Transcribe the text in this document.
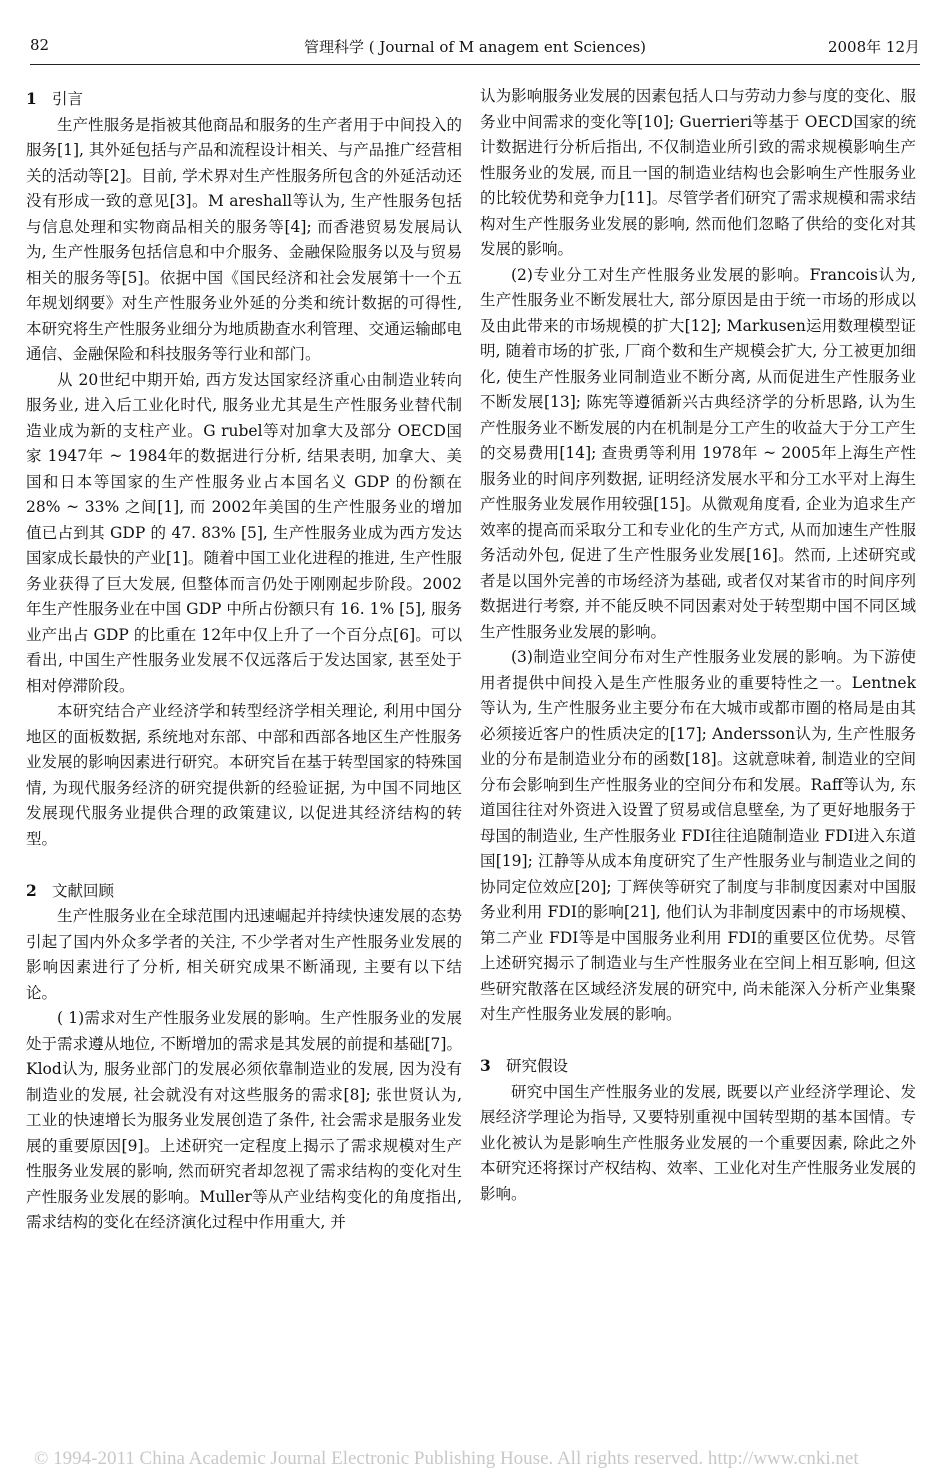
82	管理科学 ( Journal of M anagem ent Sciences)	2008年 12月
1 引言

生产性服务是指被其他商品和服务的生产者用于中间投入的服务[1], 其外延包括与产品和流程设计相关、与产品推广经营相关的活动等[2]。目前, 学术界对生产性服务所包含的外延活动还没有形成一致的意见[3]。M areshall等认为, 生产性服务包括与信息处理和实物商品相关的服务等[4]; 而香港贸易发展局认为, 生产性服务包括信息和中介服务、金融保险服务以及与贸易相关的服务等[5]。依据中国《国民经济和社会发展第十一个五年规划纲要》对生产性服务业外延的分类和统计数据的可得性, 本研究将生产性服务业细分为地质勘查水利管理、交通运输邮电通信、金融保险和科技服务等行业和部门。

从 20世纪中期开始, 西方发达国家经济重心由制造业转向服务业, 进入后工业化时代, 服务业尤其是生产性服务业替代制造业成为新的支柱产业。G rubel等对加拿大及部分 OECD国家 1947年 ~ 1984年的数据进行分析, 结果表明, 加拿大、美国和日本等国家的生产性服务业占本国名义 GDP 的份额在 28% ~ 33% 之间[1], 而 2002年美国的生产性服务业的增加值已占到其 GDP 的 47. 83% [5], 生产性服务业成为西方发达国家成长最快的产业[1]。随着中国工业化进程的推进, 生产性服务业获得了巨大发展, 但整体而言仍处于刚刚起步阶段。2002年生产性服务业在中国 GDP 中所占份额只有 16. 1% [5], 服务业产出占 GDP 的比重在 12年中仅上升了一个百分点[6]。可以看出, 中国生产性服务业发展不仅远落后于发达国家, 甚至处于相对停滞阶段。

本研究结合产业经济学和转型经济学相关理论, 利用中国分地区的面板数据, 系统地对东部、中部和西部各地区生产性服务业发展的影响因素进行研究。本研究旨在基于转型国家的特殊国情, 为现代服务经济的研究提供新的经验证据, 为中国不同地区发展现代服务业提供合理的政策建议, 以促进其经济结构的转型。

2 文献回顾

生产性服务业在全球范围内迅速崛起并持续快速发展的态势引起了国内外众多学者的关注, 不少学者对生产性服务业发展的影响因素进行了分析, 相关研究成果不断涌现, 主要有以下结论。

( 1)需求对生产性服务业发展的影响。生产性服务业的发展处于需求遵从地位, 不断增加的需求是其发展的前提和基础[7]。Klod认为, 服务业部门的发展必须依靠制造业的发展, 因为没有制造业的发展, 社会就没有对这些服务的需求[8]; 张世贤认为, 工业的快速增长为服务业发展创造了条件, 社会需求是服务业发展的重要原因[9]。上述研究一定程度上揭示了需求规模对生产性服务业发展的影响, 然而研究者却忽视了需求结构的变化对生产性服务业发展的影响。Muller等从产业结构变化的角度指出, 需求结构的变化在经济演化过程中作用重大, 并

认为影响服务业发展的因素包括人口与劳动力参与度的变化、服务业中间需求的变化等[10]; Guerrieri等基于 OECD国家的统计数据进行分析后指出, 不仅制造业所引致的需求规模影响生产性服务业的发展, 而且一国的制造业结构也会影响生产性服务业的比较优势和竞争力[11]。尽管学者们研究了需求规模和需求结构对生产性服务业发展的影响, 然而他们忽略了供给的变化对其发展的影响。

(2)专业分工对生产性服务业发展的影响。Francois认为, 生产性服务业不断发展壮大, 部分原因是由于统一市场的形成以及由此带来的市场规模的扩大[12]; Markusen运用数理模型证明, 随着市场的扩张, 厂商个数和生产规模会扩大, 分工被更加细化, 使生产性服务业同制造业不断分离, 从而促进生产性服务业不断发展[13]; 陈宪等遵循新兴古典经济学的分析思路, 认为生产性服务业不断发展的内在机制是分工产生的收益大于分工产生的交易费用[14]; 查贵勇等利用 1978年 ~ 2005年上海生产性服务业的时间序列数据, 证明经济发展水平和分工水平对上海生产性服务业发展作用较强[15]。从微观角度看, 企业为追求生产效率的提高而采取分工和专业化的生产方式, 从而加速生产性服务活动外包, 促进了生产性服务业发展[16]。然而, 上述研究或者是以国外完善的市场经济为基础, 或者仅对某省市的时间序列数据进行考察, 并不能反映不同因素对处于转型期中国不同区域生产性服务业发展的影响。

(3)制造业空间分布对生产性服务业发展的影响。为下游使用者提供中间投入是生产性服务业的重要特性之一。Lentnek等认为, 生产性服务业主要分布在大城市或都市圈的格局是由其必须接近客户的性质决定的[17]; Andersson认为, 生产性服务业的分布是制造业分布的函数[18]。这就意味着, 制造业的空间分布会影响到生产性服务业的空间分布和发展。Raff等认为, 东道国往往对外资进入设置了贸易或信息壁垒, 为了更好地服务于母国的制造业, 生产性服务业 FDI往往追随制造业 FDI进入东道国[19]; 江静等从成本角度研究了生产性服务业与制造业之间的协同定位效应[20]; 丁辉侠等研究了制度与非制度因素对中国服务业利用 FDI的影响[21], 他们认为非制度因素中的市场规模、第二产业 FDI等是中国服务业利用 FDI的重要区位优势。尽管上述研究揭示了制造业与生产性服务业在空间上相互影响, 但这些研究散落在区域经济发展的研究中, 尚未能深入分析产业集聚对生产性服务业发展的影响。

3 研究假设

研究中国生产性服务业的发展, 既要以产业经济学理论、发展经济学理论为指导, 又要特别重视中国转型期的基本国情。专业化被认为是影响生产性服务业发展的一个重要因素, 除此之外本研究还将探讨产权结构、效率、工业化对生产性服务业发展的影响。

© 1994-2011 China Academic Journal Electronic Publishing House. All rights reserved. http://www.cnki.net
